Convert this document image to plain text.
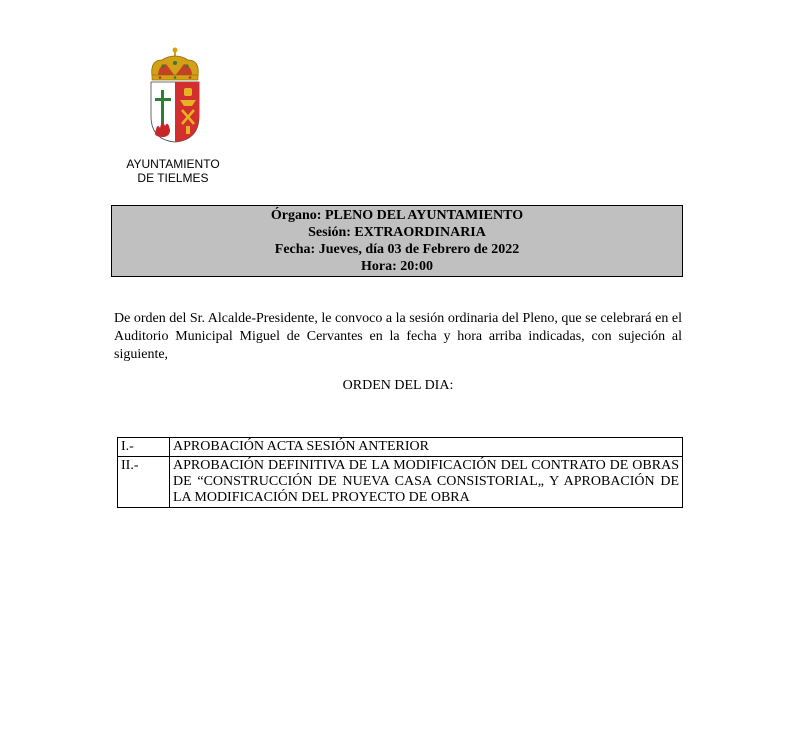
AYUNTAMIENTO
DE TIELMES
Órgano: PLENO DEL AYUNTAMIENTO
Sesión: EXTRAORDINARIA
Fecha: Jueves, día 03 de Febrero de 2022
Hora: 20:00

De orden del Sr. Alcalde-Presidente, le convoco a la sesión ordinaria del Pleno, que se celebrará en el Auditorio Municipal Miguel de Cervantes en la fecha y hora arriba indicadas, con sujeción al siguiente,

ORDEN DEL DIA:
I.-	APROBACIÓN ACTA SESIÓN ANTERIOR
II.-	APROBACIÓN DEFINITIVA DE LA MODIFICACIÓN DEL CONTRATO DE OBRAS DE “CONSTRUCCIÓN DE NUEVA CASA CONSISTORIAL„ Y APROBACIÓN DE LA MODIFICACIÓN DEL PROYECTO DE OBRA
